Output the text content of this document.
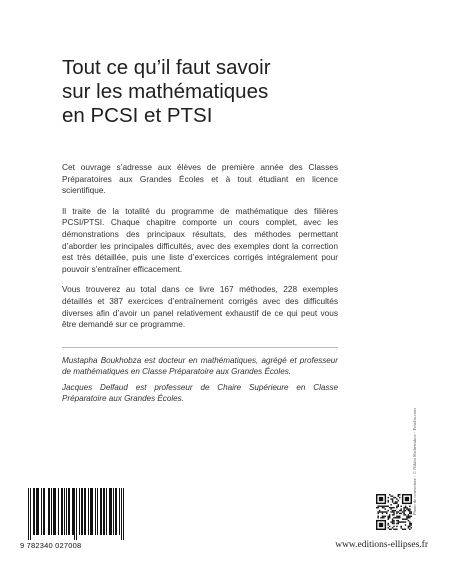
Tout ce qu’il faut savoir
sur les mathématiques
en PCSI et PTSI

Cet ouvrage s’adresse aux élèves de première année des Classes Préparatoires aux Grandes Écoles et à tout étudiant en licence scientifique.

Il traite de la totalité du programme de mathématique des filières PCSI/PTSI. Chaque chapitre comporte un cours complet, avec les démonstrations des principaux résultats, des méthodes permettant d’aborder les principales difficultés, avec des exemples dont la correction est très détaillée, puis une liste d’exercices corrigés intégralement pour pouvoir s’entraîner efficacement.

Vous trouverez au total dans ce livre 167 méthodes, 228 exemples détaillés et 387 exercices d’entraînement corrigés avec des difficultés diverses afin d’avoir un panel relativement exhaustif de ce qui peut vous être demandé sur ce programme.

Mustapha Boukhobza est docteur en mathématiques, agrégé et professeur de mathématiques en Classe Préparatoire aux Grandes Écoles.

Jacques Delfaud est professeur de Chaire Supérieure en Classe Préparatoire aux Grandes Écoles.

Photo de couverture : © Nikita Shchetrakov - Fotolia.com
9 782340 027008	www.editions-ellipses.fr
